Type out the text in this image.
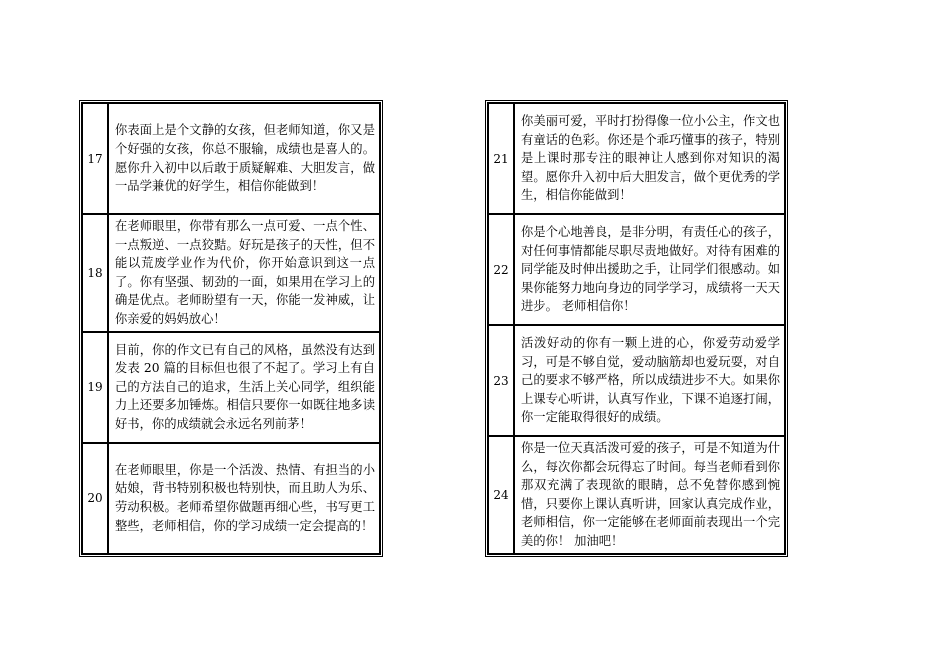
17	你表面上是个文静的女孩，但老师知道，你又是个好强的女孩，你总不服输，成绩也是喜人的。愿你升入初中以后敢于质疑解难、大胆发言，做一品学兼优的好学生，相信你能做到！
18	在老师眼里，你带有那么一点可爱、一点个性、一点叛逆、一点狡黠。好玩是孩子的天性，但不能以荒废学业作为代价，你开始意识到这一点了。你有坚强、韧劲的一面，如果用在学习上的确是优点。老师盼望有一天，你能一发神威，让你亲爱的妈妈放心！
19	目前，你的作文已有自己的风格，虽然没有达到发表 20 篇的目标但也很了不起了。学习上有自己的方法自己的追求，生活上关心同学，组织能力上还要多加锤炼。相信只要你一如既往地多读好书，你的成绩就会永远名列前茅！
20	在老师眼里，你是一个活泼、热情、有担当的小姑娘，背书特别积极也特别快，而且助人为乐、劳动积极。老师希望你做题再细心些，书写更工整些，老师相信，你的学习成绩一定会提高的！
21	你美丽可爱，平时打扮得像一位小公主，作文也有童话的色彩。你还是个乖巧懂事的孩子，特别是上课时那专注的眼神让人感到你对知识的渴望。愿你升入初中后大胆发言，做个更优秀的学生，相信你能做到！
22	你是个心地善良，是非分明，有责任心的孩子，对任何事情都能尽职尽责地做好。对待有困难的同学能及时伸出援助之手，让同学们很感动。如果你能努力地向身边的同学学习，成绩将一天天进步。 老师相信你！
23	活泼好动的你有一颗上进的心，你爱劳动爱学习，可是不够自觉，爱动脑筋却也爱玩耍，对自己的要求不够严格，所以成绩进步不大。如果你上课专心听讲，认真写作业，下课不追逐打闹，你一定能取得很好的成绩。
24	你是一位天真活泼可爱的孩子，可是不知道为什么，每次你都会玩得忘了时间。每当老师看到你那双充满了表现欲的眼睛，总不免替你感到惋惜，只要你上课认真听讲，回家认真完成作业，老师相信，你一定能够在老师面前表现出一个完美的你！ 加油吧！
